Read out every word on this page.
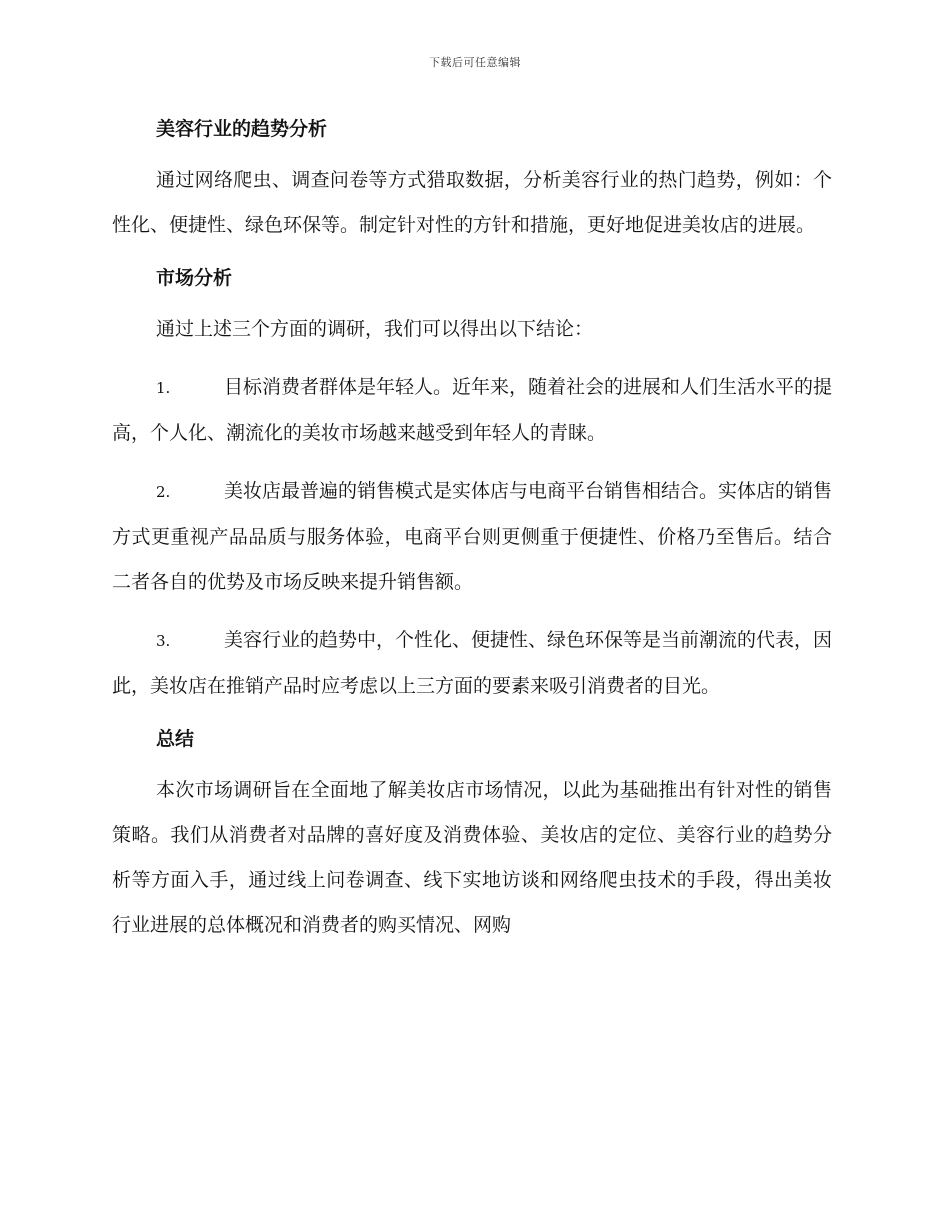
下载后可任意编辑
美容行业的趋势分析

通过网络爬虫、调查问卷等方式猎取数据，分析美容行业的热门趋势，例如：个性化、便捷性、绿色环保等。制定针对性的方针和措施，更好地促进美妆店的进展。

市场分析

通过上述三个方面的调研，我们可以得出以下结论：

1.	目标消费者群体是年轻人。近年来，随着社会的进展和人们生活水平的提高，个人化、潮流化的美妆市场越来越受到年轻人的青睐。

2.	美妆店最普遍的销售模式是实体店与电商平台销售相结合。实体店的销售方式更重视产品品质与服务体验，电商平台则更侧重于便捷性、价格乃至售后。结合二者各自的优势及市场反映来提升销售额。

3.	美容行业的趋势中，个性化、便捷性、绿色环保等是当前潮流的代表，因此，美妆店在推销产品时应考虑以上三方面的要素来吸引消费者的目光。

总结

本次市场调研旨在全面地了解美妆店市场情况，以此为基础推出有针对性的销售策略。我们从消费者对品牌的喜好度及消费体验、美妆店的定位、美容行业的趋势分析等方面入手，通过线上问卷调查、线下实地访谈和网络爬虫技术的手段，得出美妆行业进展的总体概况和消费者的购买情况、网购
